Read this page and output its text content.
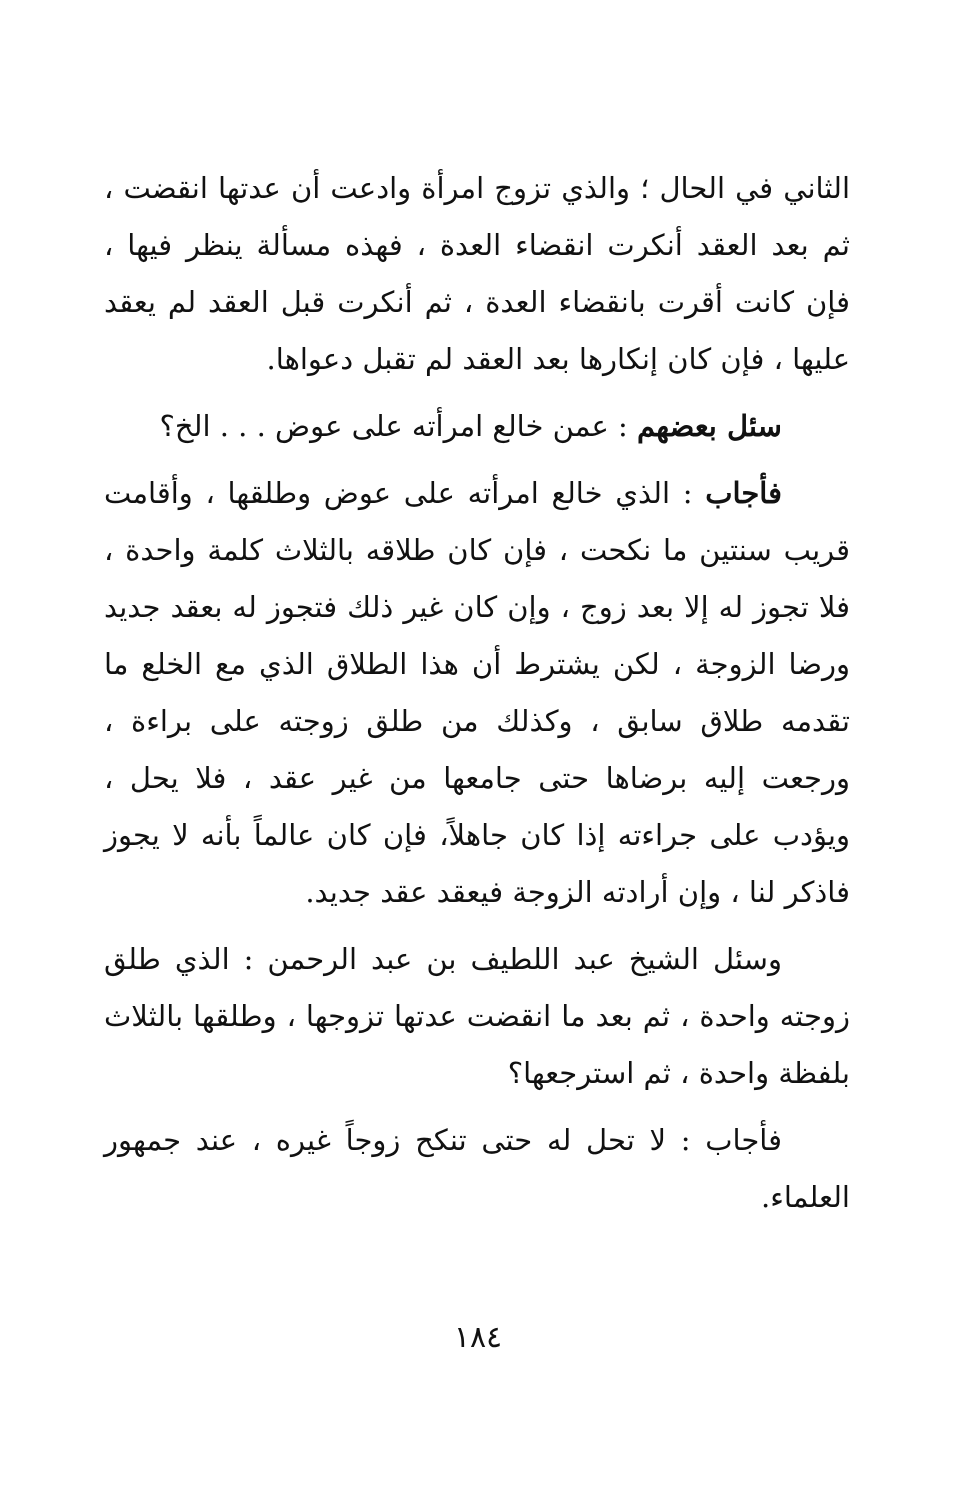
الثاني في الحال ؛ والذي تزوج امرأة وادعت أن عدتها انقضت ، ثم بعد العقد أنكرت انقضاء العدة ، فهذه مسألة ينظر فيها ، فإن كانت أقرت بانقضاء العدة ، ثم أنكرت قبل العقد لم يعقد عليها ، فإن كان إنكارها بعد العقد لم تقبل دعواها.

سئل بعضهم : عمن خالع امرأته على عوض . . . الخ؟

فأجاب : الذي خالع امرأته على عوض وطلقها ، وأقامت قريب سنتين ما نكحت ، فإن كان طلاقه بالثلاث كلمة واحدة ، فلا تجوز له إلا بعد زوج ، وإن كان غير ذلك فتجوز له بعقد جديد ورضا الزوجة ، لكن يشترط أن هذا الطلاق الذي مع الخلع ما تقدمه طلاق سابق ، وكذلك من طلق زوجته على براءة ، ورجعت إليه برضاها حتى جامعها من غير عقد ، فلا يحل ، ويؤدب على جراءته إذا كان جاهلاً، فإن كان عالماً بأنه لا يجوز فاذكر لنا ، وإن أرادته الزوجة فيعقد عقد جديد.

وسئل الشيخ عبد اللطيف بن عبد الرحمن : الذي طلق زوجته واحدة ، ثم بعد ما انقضت عدتها تزوجها ، وطلقها بالثلاث بلفظة واحدة ، ثم استرجعها؟

فأجاب : لا تحل له حتى تنكح زوجاً غيره ، عند جمهور العلماء.

١٨٤
